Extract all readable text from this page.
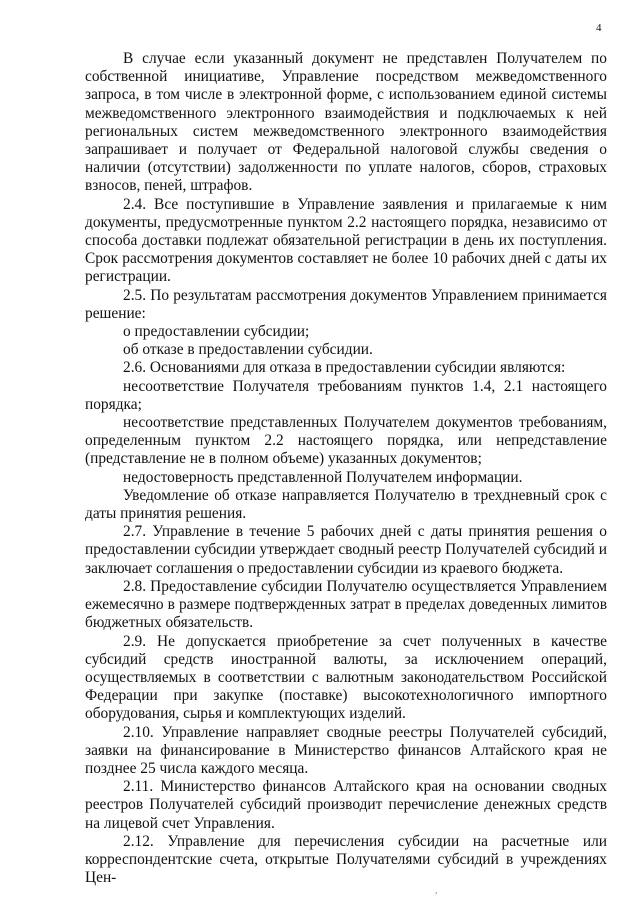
4

В случае если указанный документ не представлен Получателем по собственной инициативе, Управление посредством межведомственного запроса, в том числе в электронной форме, с использованием единой системы межведомственного электронного взаимодействия и подключаемых к ней региональных систем межведомственного электронного взаимодействия запрашивает и получает от Федеральной налоговой службы сведения о наличии (отсутствии) задолженности по уплате налогов, сборов, страховых взносов, пеней, штрафов.

2.4. Все поступившие в Управление заявления и прилагаемые к ним документы, предусмотренные пунктом 2.2 настоящего порядка, независимо от способа доставки подлежат обязательной регистрации в день их поступления. Срок рассмотрения документов составляет не более 10 рабочих дней с даты их регистрации.

2.5. По результатам рассмотрения документов Управлением принимается решение:

о предоставлении субсидии;

об отказе в предоставлении субсидии.

2.6. Основаниями для отказа в предоставлении субсидии являются:

несоответствие Получателя требованиям пунктов 1.4, 2.1 настоящего порядка;

несоответствие представленных Получателем документов требованиям, определенным пунктом 2.2 настоящего порядка, или непредставление (представление не в полном объеме) указанных документов;

недостоверность представленной Получателем информации.

Уведомление об отказе направляется Получателю в трехдневный срок с даты принятия решения.

2.7. Управление в течение 5 рабочих дней с даты принятия решения о предоставлении субсидии утверждает сводный реестр Получателей субсидий и заключает соглашения о предоставлении субсидии из краевого бюджета.

2.8. Предоставление субсидии Получателю осуществляется Управлением ежемесячно в размере подтвержденных затрат в пределах доведенных лимитов бюджетных обязательств.

2.9. Не допускается приобретение за счет полученных в качестве субсидий средств иностранной валюты, за исключением операций, осуществляемых в соответствии с валютным законодательством Российской Федерации при закупке (поставке) высокотехнологичного импортного оборудования, сырья и комплектующих изделий.

2.10. Управление направляет сводные реестры Получателей субсидий, заявки на финансирование в Министерство финансов Алтайского края не позднее 25 числа каждого месяца.

2.11. Министерство финансов Алтайского края на основании сводных реестров Получателей субсидий производит перечисление денежных средств на лицевой счет Управления.

2.12. Управление для перечисления субсидии на расчетные или корреспондентские счета, открытые Получателями субсидий в учреждениях Цен-

,
